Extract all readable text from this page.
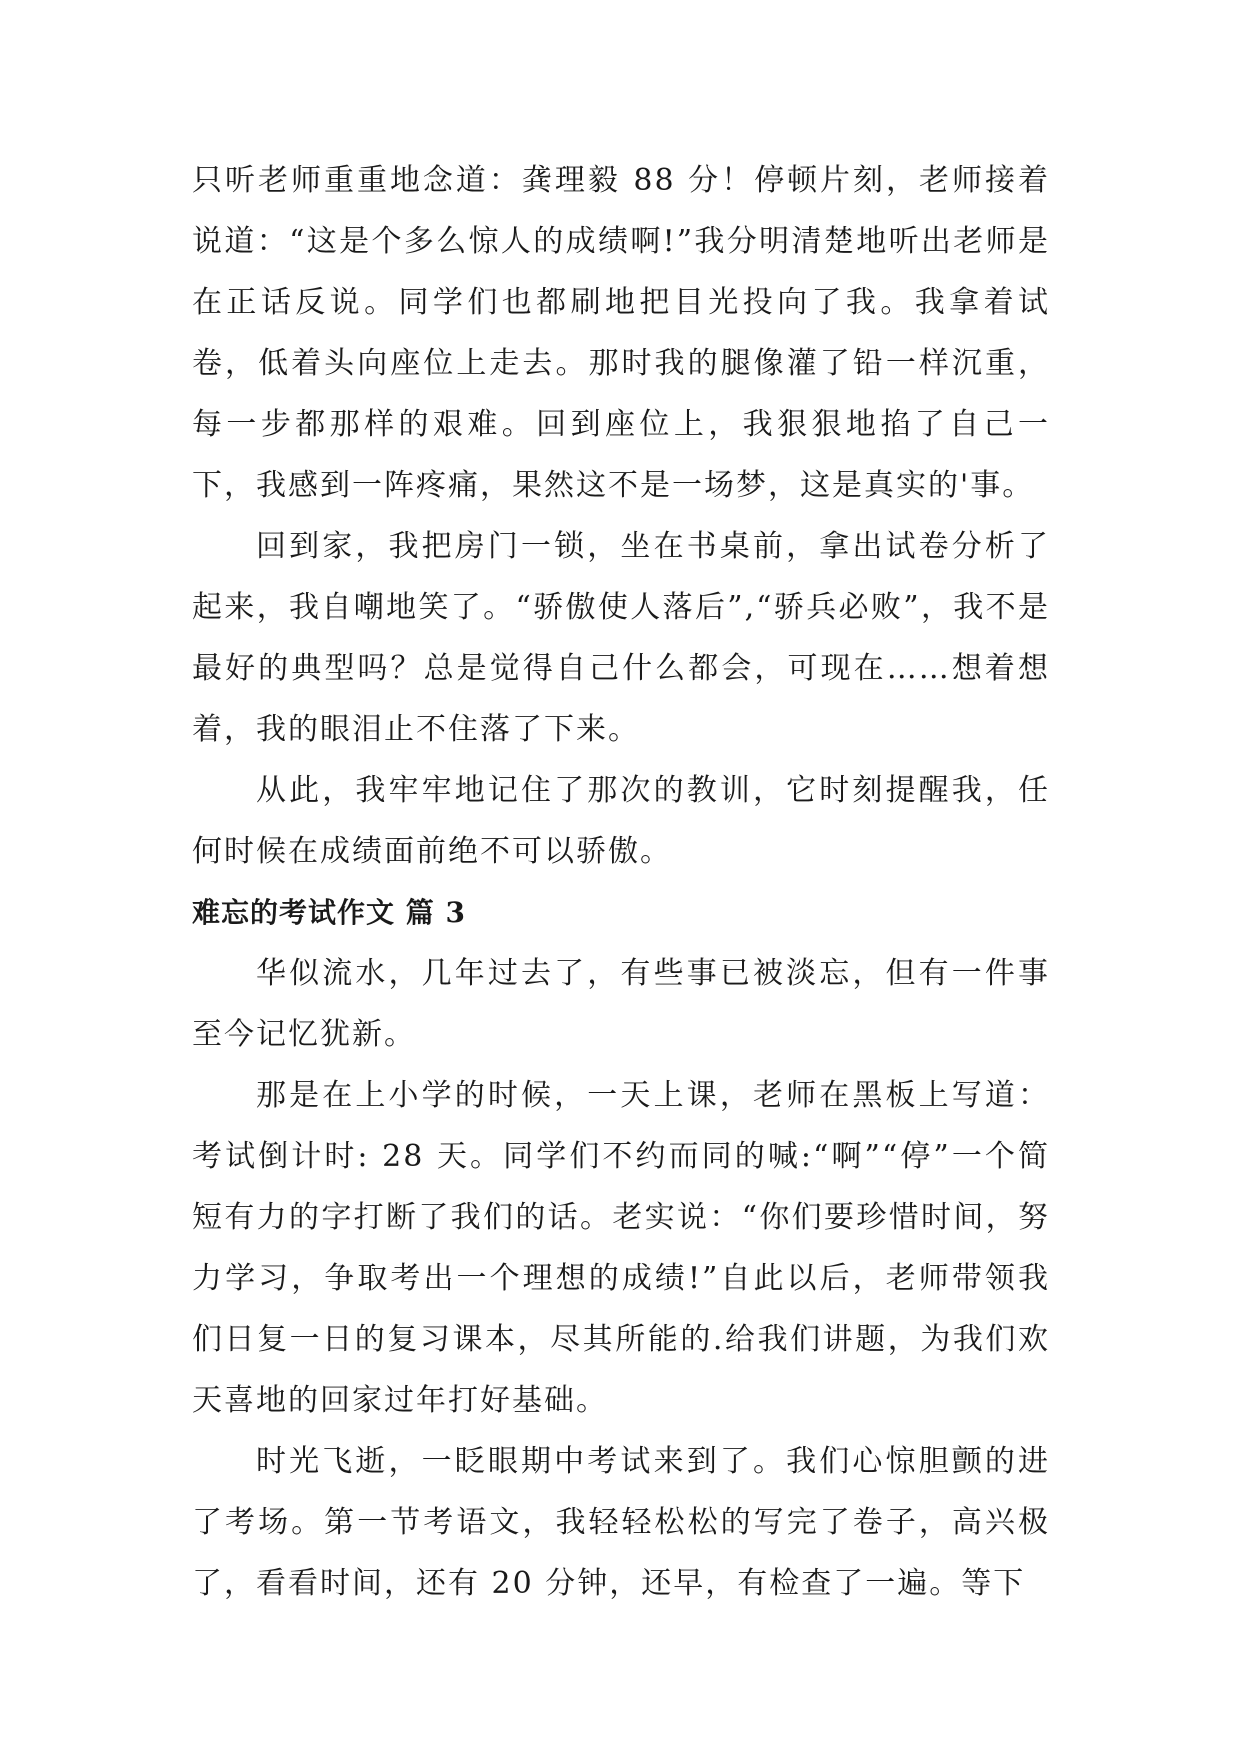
只听老师重重地念道：龚理毅 88 分！停顿片刻，老师接着说道：“这是个多么惊人的成绩啊!”我分明清楚地听出老师是在正话反说。同学们也都刷地把目光投向了我。我拿着试卷，低着头向座位上走去。那时我的腿像灌了铅一样沉重，每一步都那样的艰难。回到座位上，我狠狠地掐了自己一下，我感到一阵疼痛，果然这不是一场梦，这是真实的'事。

回到家，我把房门一锁，坐在书桌前，拿出试卷分析了起来，我自嘲地笑了。“骄傲使人落后”,“骄兵必败”，我不是最好的典型吗？总是觉得自己什么都会，可现在……想着想着，我的眼泪止不住落了下来。

从此，我牢牢地记住了那次的教训，它时刻提醒我，任何时候在成绩面前绝不可以骄傲。

难忘的考试作文 篇 3

华似流水，几年过去了，有些事已被淡忘，但有一件事至今记忆犹新。

那是在上小学的时候，一天上课，老师在黑板上写道：考试倒计时: 28 天。同学们不约而同的喊:“啊”“停”一个简短有力的字打断了我们的话。老实说：“你们要珍惜时间，努力学习，争取考出一个理想的成绩!”自此以后，老师带领我们日复一日的复习课本，尽其所能的.给我们讲题，为我们欢天喜地的回家过年打好基础。

时光飞逝，一眨眼期中考试来到了。我们心惊胆颤的进了考场。第一节考语文，我轻轻松松的写完了卷子，高兴极了，看看时间，还有 20 分钟，还早，有检查了一遍。等下
